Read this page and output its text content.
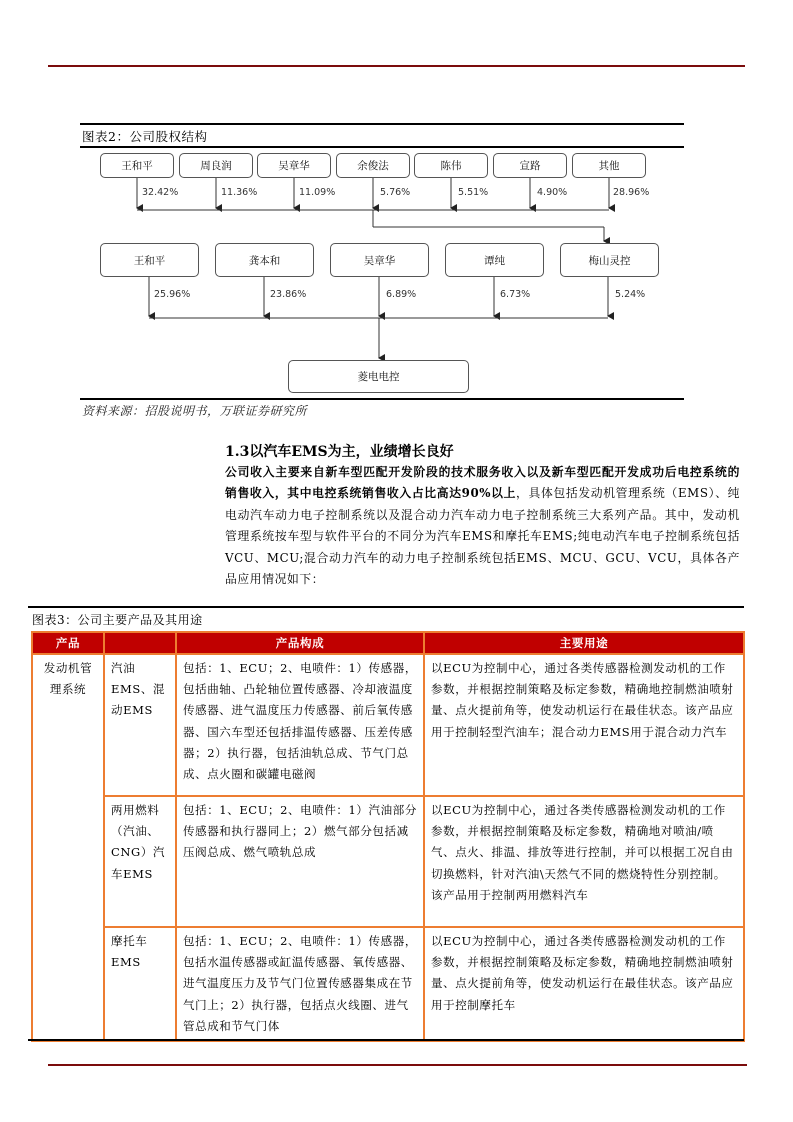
图表2：公司股权结构
王和平	周良润	吴章华	余俊法	陈伟	宣路	其他
32.42%	11.36%	11.09%	5.76%	5.51%	4.90%	28.96%
王和平	龚本和	吴章华	谭纯	梅山灵控
25.96%	23.86%	6.89%	6.73%	5.24%
菱电电控
资料来源：招股说明书，万联证券研究所
1.3以汽车EMS为主，业绩增长良好
公司收入主要来自新车型匹配开发阶段的技术服务收入以及新车型匹配开发成功后电控系统的销售收入，其中电控系统销售收入占比高达90%以上，具体包括发动机管理系统（EMS）、纯电动汽车动力电子控制系统以及混合动力汽车动力电子控制系统三大系列产品。其中，发动机管理系统按车型与软件平台的不同分为汽车EMS和摩托车EMS;纯电动汽车电子控制系统包括VCU、MCU;混合动力汽车的动力电子控制系统包括EMS、MCU、GCU、VCU，具体各产品应用情况如下：
图表3：公司主要产品及其用途
产品		产品构成	主要用途
发动机管理系统	汽油EMS、混动EMS	包括：1、ECU；2、电喷件：1）传感器，包括曲轴、凸轮轴位置传感器、冷却液温度传感器、进气温度压力传感器、前后氧传感器、国六车型还包括排温传感器、压差传感器；2）执行器，包括油轨总成、节气门总成、点火圈和碳罐电磁阀	以ECU为控制中心，通过各类传感器检测发动机的工作参数，并根据控制策略及标定参数，精确地控制燃油喷射量、点火提前角等，使发动机运行在最佳状态。该产品应用于控制轻型汽油车；混合动力EMS用于混合动力汽车
	两用燃料（汽油、CNG）汽车EMS	包括：1、ECU；2、电喷件：1）汽油部分传感器和执行器同上；2）燃气部分包括减压阀总成、燃气喷轨总成	以ECU为控制中心，通过各类传感器检测发动机的工作参数，并根据控制策略及标定参数，精确地对喷油/喷气、点火、排温、排放等进行控制，并可以根据工况自由切换燃料，针对汽油\天然气不同的燃烧特性分别控制。该产品用于控制两用燃料汽车
	摩托车EMS	包括：1、ECU；2、电喷件：1）传感器，包括水温传感器或缸温传感器、氧传感器、进气温度压力及节气门位置传感器集成在节气门上；2）执行器，包括点火线圈、进气管总成和节气门体	以ECU为控制中心，通过各类传感器检测发动机的工作参数，并根据控制策略及标定参数，精确地控制燃油喷射量、点火提前角等，使发动机运行在最佳状态。该产品应用于控制摩托车
